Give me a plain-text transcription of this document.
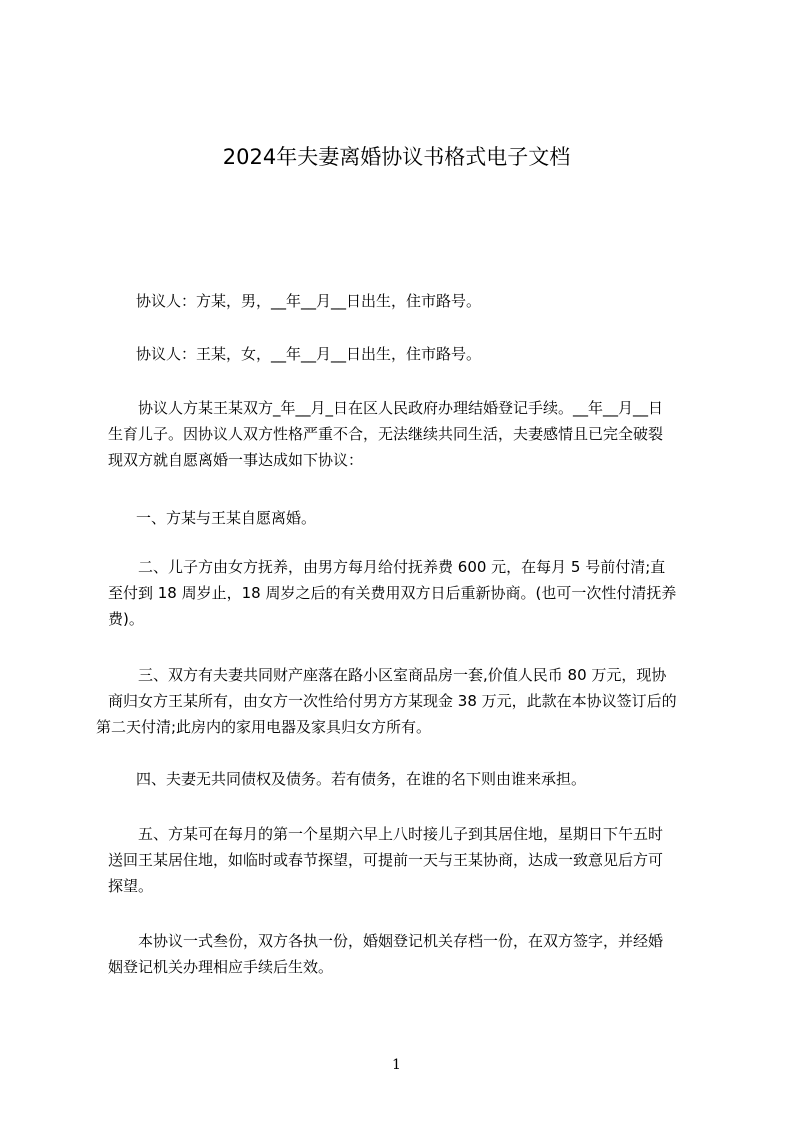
2024年夫妻离婚协议书格式电子文档

协议人：方某，男，__年__月__日出生，住市路号。

协议人：王某，女，__年__月__日出生，住市路号。

协议人方某王某双方_年__月_日在区人民政府办理结婚登记手续。__年__月__日
生育儿子。因协议人双方性格严重不合，无法继续共同生活，夫妻感情且已完全破裂
现双方就自愿离婚一事达成如下协议：

一、方某与王某自愿离婚。

二、儿子方由女方抚养，由男方每月给付抚养费 600 元，在每月 5 号前付清;直
至付到 18 周岁止，18 周岁之后的有关费用双方日后重新协商。(也可一次性付清抚养
费)。
三、双方有夫妻共同财产座落在路小区室商品房一套,价值人民币 80 万元，现协
商归女方王某所有，由女方一次性给付男方方某现金 38 万元，此款在本协议签订后的
第二天付清;此房内的家用电器及家具归女方所有。

四、夫妻无共同债权及债务。若有债务，在谁的名下则由谁来承担。

五、方某可在每月的第一个星期六早上八时接儿子到其居住地，星期日下午五时
送回王某居住地，如临时或春节探望，可提前一天与王某协商，达成一致意见后方可
探望。
本协议一式叁份，双方各执一份，婚姻登记机关存档一份，在双方签字，并经婚
姻登记机关办理相应手续后生效。
1
